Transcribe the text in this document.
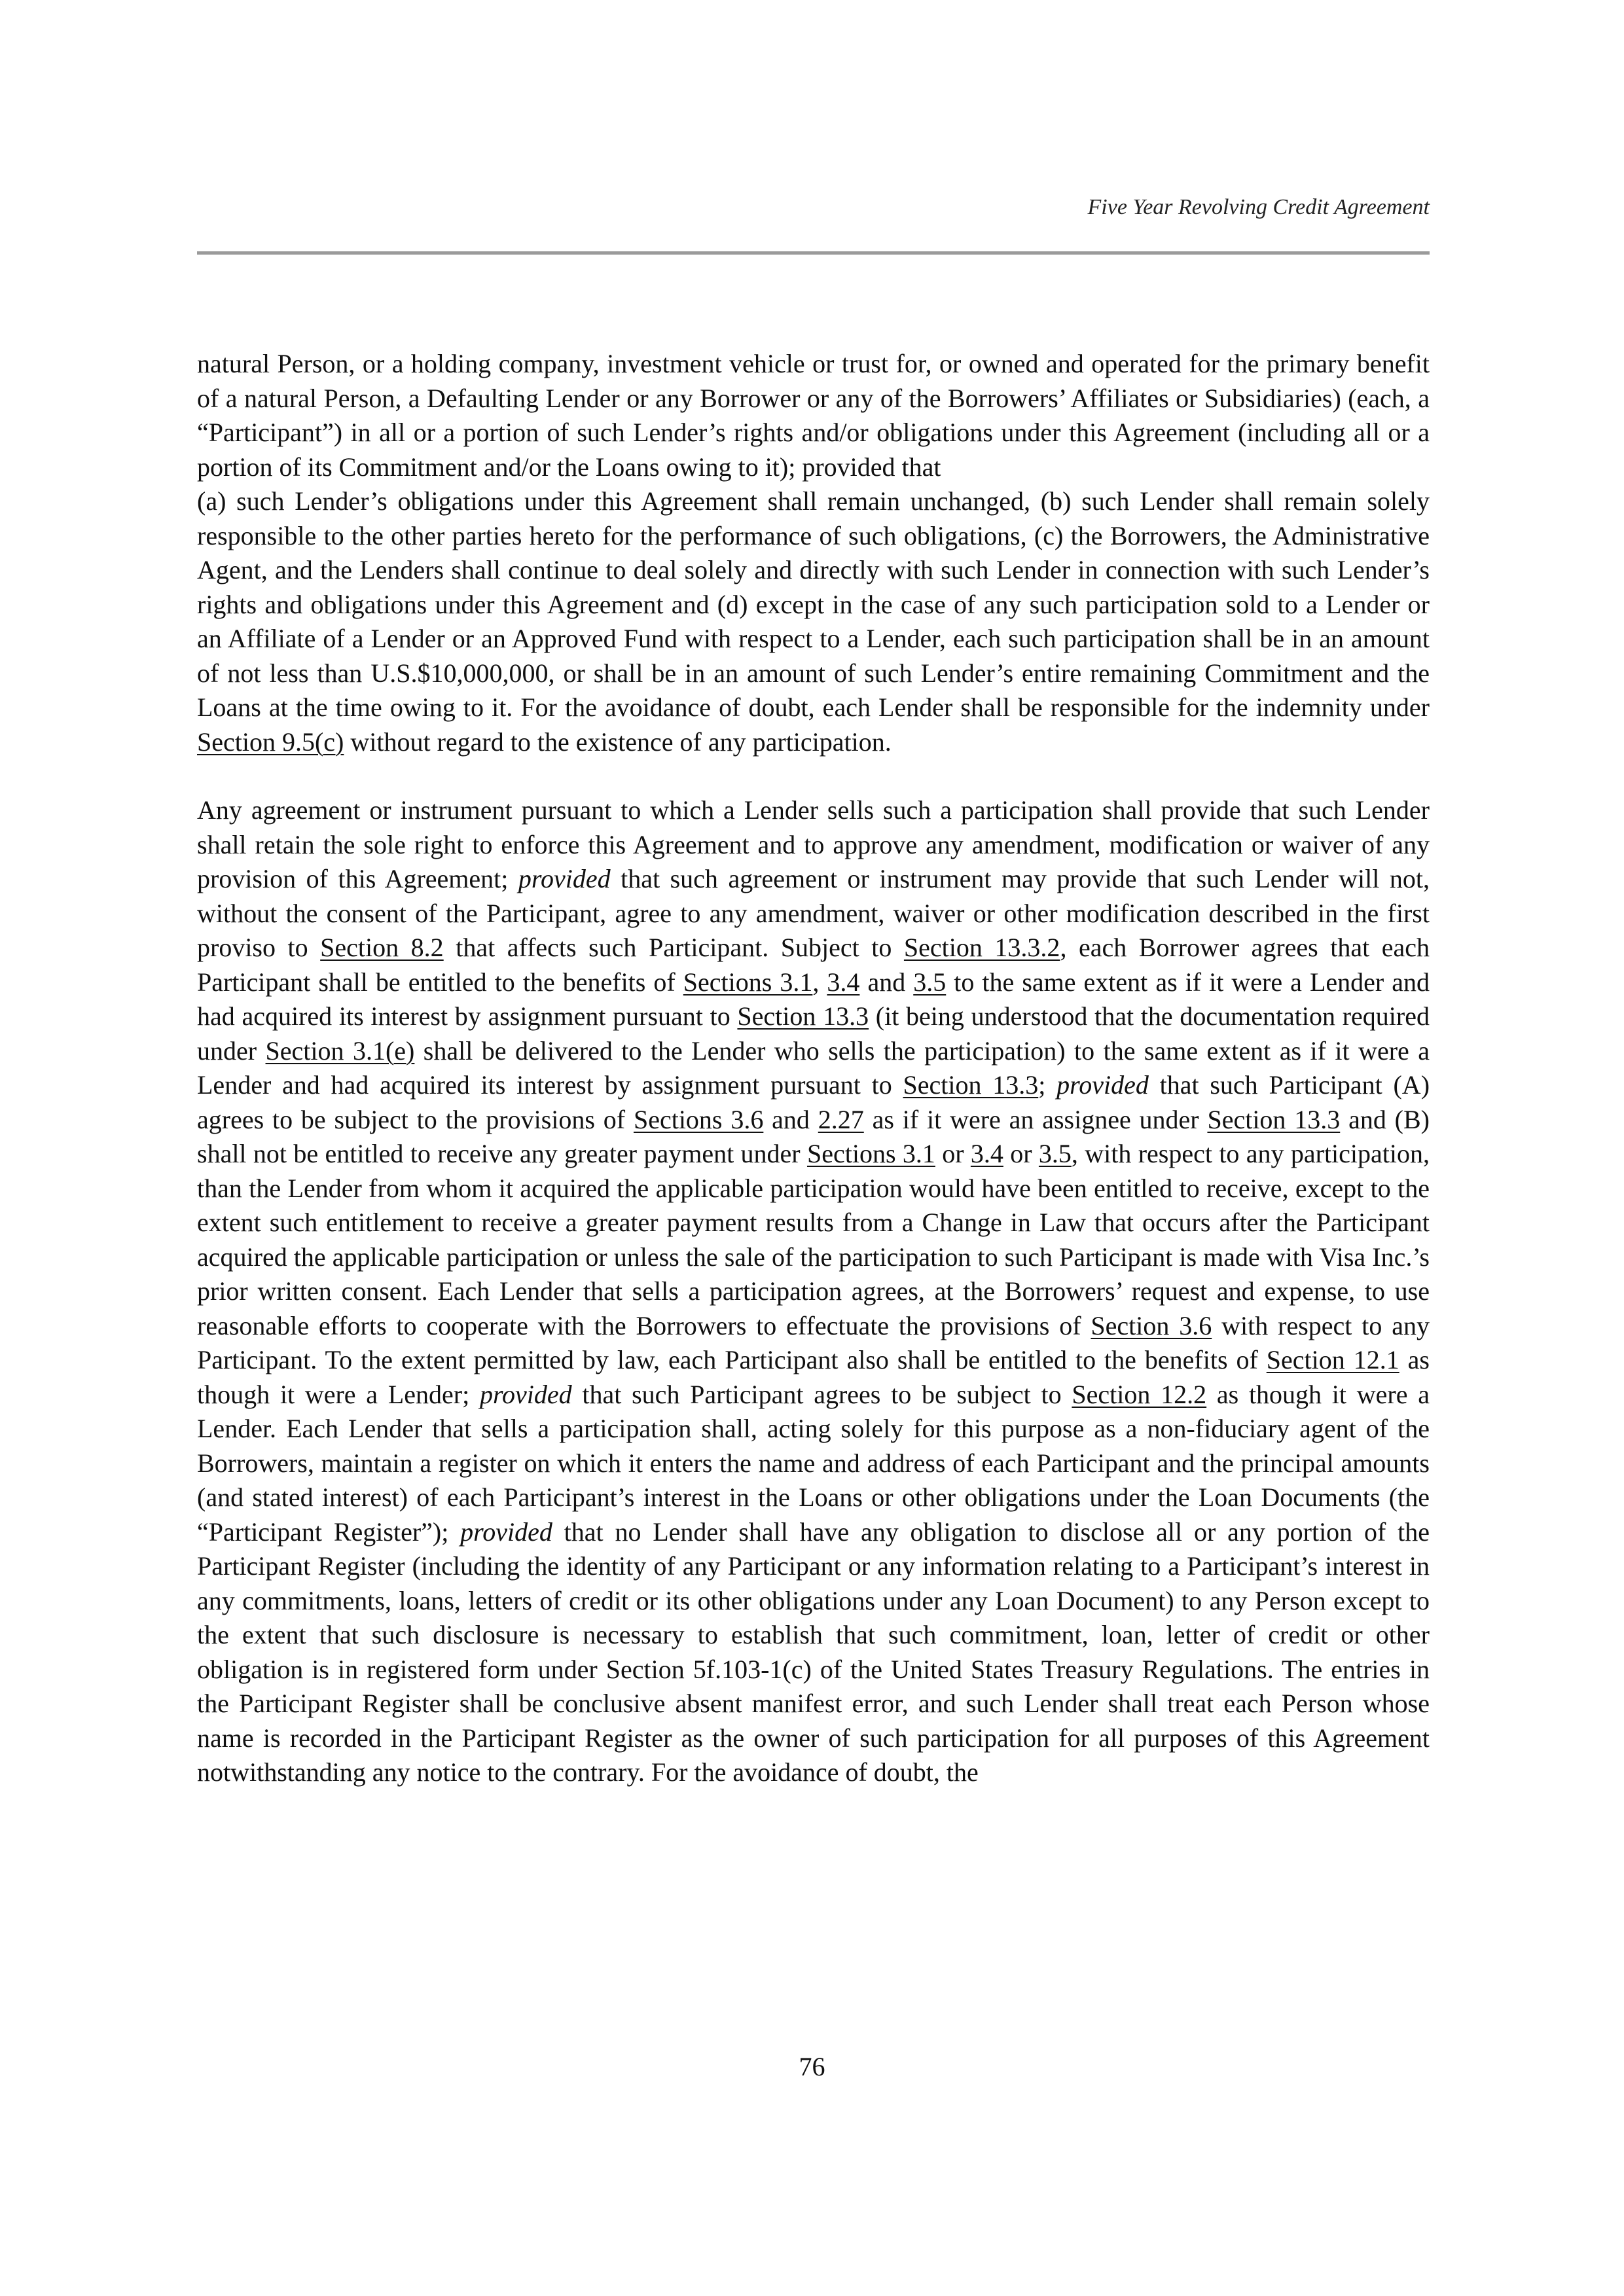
Five Year Revolving Credit Agreement

natural Person, or a holding company, investment vehicle or trust for, or owned and operated for the primary benefit of a natural Person, a Defaulting Lender or any Borrower or any of the Borrowers’ Affiliates or Subsidiaries) (each, a “Participant”) in all or a portion of such Lender’s rights and/or obligations under this Agreement (including all or a portion of its Commitment and/or the Loans owing to it); provided that

(a) such Lender’s obligations under this Agreement shall remain unchanged, (b) such Lender shall remain solely responsible to the other parties hereto for the performance of such obligations, (c) the Borrowers, the Administrative Agent, and the Lenders shall continue to deal solely and directly with such Lender in connection with such Lender’s rights and obligations under this Agreement and (d) except in the case of any such participation sold to a Lender or an Affiliate of a Lender or an Approved Fund with respect to a Lender, each such participation shall be in an amount of not less than U.S.$10,000,000, or shall be in an amount of such Lender’s entire remaining Commitment and the Loans at the time owing to it. For the avoidance of doubt, each Lender shall be responsible for the indemnity under Section 9.5(c) without regard to the existence of any participation.

Any agreement or instrument pursuant to which a Lender sells such a participation shall provide that such Lender shall retain the sole right to enforce this Agreement and to approve any amendment, modification or waiver of any provision of this Agreement; provided that such agreement or instrument may provide that such Lender will not, without the consent of the Participant, agree to any amendment, waiver or other modification described in the first proviso to Section 8.2 that affects such Participant. Subject to Section 13.3.2, each Borrower agrees that each Participant shall be entitled to the benefits of Sections 3.1, 3.4 and 3.5 to the same extent as if it were a Lender and had acquired its interest by assignment pursuant to Section 13.3 (it being understood that the documentation required under Section 3.1(e) shall be delivered to the Lender who sells the participation) to the same extent as if it were a Lender and had acquired its interest by assignment pursuant to Section 13.3; provided that such Participant (A) agrees to be subject to the provisions of Sections 3.6 and 2.27 as if it were an assignee under Section 13.3 and (B) shall not be entitled to receive any greater payment under Sections 3.1 or 3.4 or 3.5, with respect to any participation, than the Lender from whom it acquired the applicable participation would have been entitled to receive, except to the extent such entitlement to receive a greater payment results from a Change in Law that occurs after the Participant acquired the applicable participation or unless the sale of the participation to such Participant is made with Visa Inc.’s prior written consent. Each Lender that sells a participation agrees, at the Borrowers’ request and expense, to use reasonable efforts to cooperate with the Borrowers to effectuate the provisions of Section 3.6 with respect to any Participant. To the extent permitted by law, each Participant also shall be entitled to the benefits of Section 12.1 as though it were a Lender; provided that such Participant agrees to be subject to Section 12.2 as though it were a Lender. Each Lender that sells a participation shall, acting solely for this purpose as a non-fiduciary agent of the Borrowers, maintain a register on which it enters the name and address of each Participant and the principal amounts (and stated interest) of each Participant’s interest in the Loans or other obligations under the Loan Documents (the “Participant Register”); provided that no Lender shall have any obligation to disclose all or any portion of the Participant Register (including the identity of any Participant or any information relating to a Participant’s interest in any commitments, loans, letters of credit or its other obligations under any Loan Document) to any Person except to the extent that such disclosure is necessary to establish that such commitment, loan, letter of credit or other obligation is in registered form under Section 5f.103-1(c) of the United States Treasury Regulations. The entries in the Participant Register shall be conclusive absent manifest error, and such Lender shall treat each Person whose name is recorded in the Participant Register as the owner of such participation for all purposes of this Agreement notwithstanding any notice to the contrary. For the avoidance of doubt, the

76
